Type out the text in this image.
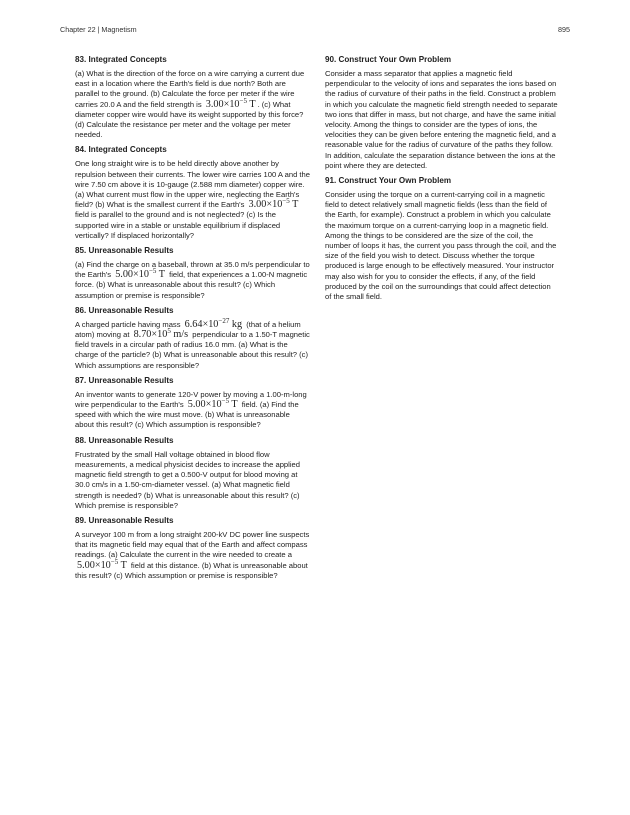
Chapter 22 | Magnetism	895

83. Integrated Concepts

(a) What is the direction of the force on a wire carrying a current due east in a location where the Earth's field is due north? Both are parallel to the ground. (b) Calculate the force per meter if the wire carries 20.0 A and the field strength is $3.00\times 10^{-5}$ T . (c) What diameter copper wire would have its weight supported by this force? (d) Calculate the resistance per meter and the voltage per meter needed.

84. Integrated Concepts

One long straight wire is to be held directly above another by repulsion between their currents. The lower wire carries 100 A and the wire 7.50 cm above it is 10-gauge (2.588 mm diameter) copper wire. (a) What current must flow in the upper wire, neglecting the Earth's field? (b) What is the smallest current if the Earth's $3.00\times 10^{-5}$ T field is parallel to the ground and is not neglected? (c) Is the supported wire in a stable or unstable equilibrium if displaced vertically? If displaced horizontally?

85. Unreasonable Results

(a) Find the charge on a baseball, thrown at 35.0 m/s perpendicular to the Earth's $5.00\times 10^{-5}$ T field, that experiences a 1.00-N magnetic force. (b) What is unreasonable about this result? (c) Which assumption or premise is responsible?

86. Unreasonable Results

A charged particle having mass $6.64\times 10^{-27}$ kg (that of a helium atom) moving at $8.70\times 10^5$ m/s perpendicular to a 1.50-T magnetic field travels in a circular path of radius 16.0 mm. (a) What is the charge of the particle? (b) What is unreasonable about this result? (c) Which assumptions are responsible?

87. Unreasonable Results

An inventor wants to generate 120-V power by moving a 1.00-m-long wire perpendicular to the Earth's $5.00\times 10^{-5}$ T field. (a) Find the speed with which the wire must move. (b) What is unreasonable about this result? (c) Which assumption is responsible?

88. Unreasonable Results

Frustrated by the small Hall voltage obtained in blood flow measurements, a medical physicist decides to increase the applied magnetic field strength to get a 0.500-V output for blood moving at 30.0 cm/s in a 1.50-cm-diameter vessel. (a) What magnetic field strength is needed? (b) What is unreasonable about this result? (c) Which premise is responsible?

89. Unreasonable Results

A surveyor 100 m from a long straight 200-kV DC power line suspects that its magnetic field may equal that of the Earth and affect compass readings. (a) Calculate the current in the wire needed to create a $5.00\times 10^{-5}$ T field at this distance. (b) What is unreasonable about this result? (c) Which assumption or premise is responsible?

90. Construct Your Own Problem

Consider a mass separator that applies a magnetic field perpendicular to the velocity of ions and separates the ions based on the radius of curvature of their paths in the field. Construct a problem in which you calculate the magnetic field strength needed to separate two ions that differ in mass, but not charge, and have the same initial velocity. Among the things to consider are the types of ions, the velocities they can be given before entering the magnetic field, and a reasonable value for the radius of curvature of the paths they follow. In addition, calculate the separation distance between the ions at the point where they are detected.

91. Construct Your Own Problem

Consider using the torque on a current-carrying coil in a magnetic field to detect relatively small magnetic fields (less than the field of the Earth, for example). Construct a problem in which you calculate the maximum torque on a current-carrying loop in a magnetic field. Among the things to be considered are the size of the coil, the number of loops it has, the current you pass through the coil, and the size of the field you wish to detect. Discuss whether the torque produced is large enough to be effectively measured. Your instructor may also wish for you to consider the effects, if any, of the field produced by the coil on the surroundings that could affect detection of the small field.
